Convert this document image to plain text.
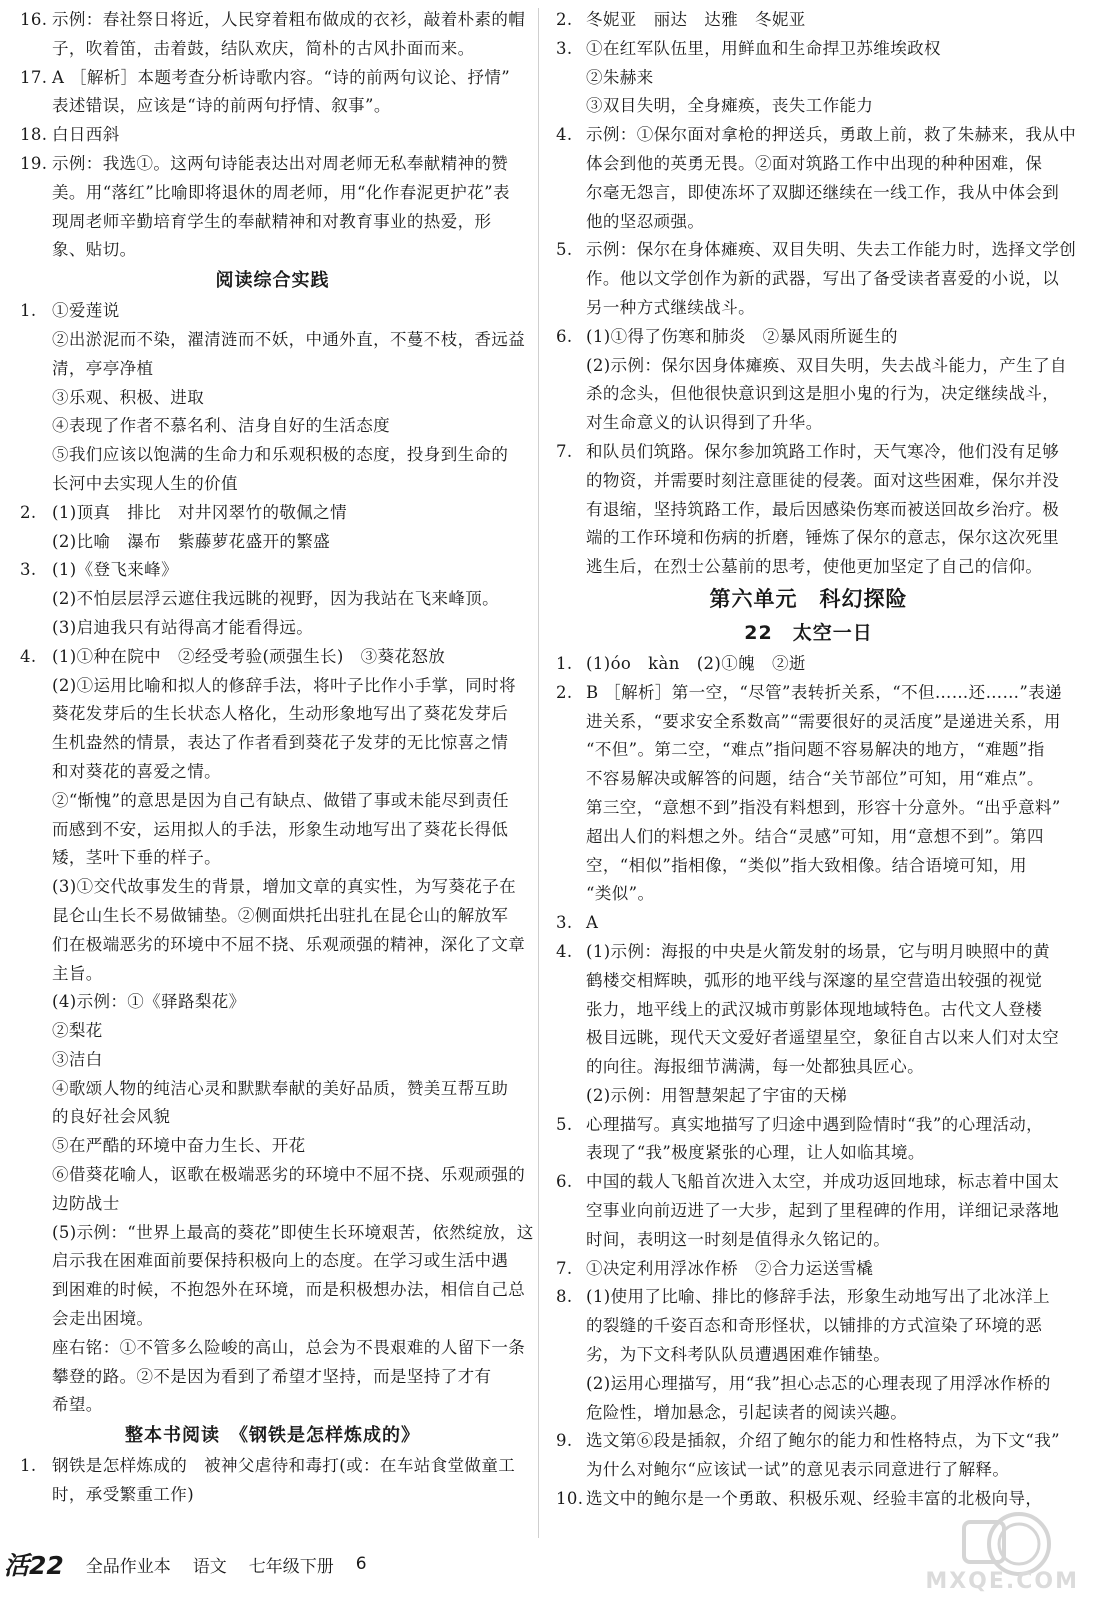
16. 示例：春社祭日将近，人民穿着粗布做成的衣衫，敲着朴素的帽
子，吹着笛，击着鼓，结队欢庆，简朴的古风扑面而来。
17. A ［解析］本题考查分析诗歌内容。“诗的前两句议论、抒情”
表述错误，应该是“诗的前两句抒情、叙事”。
18. 白日西斜
19. 示例：我选①。这两句诗能表达出对周老师无私奉献精神的赞
美。用“落红”比喻即将退休的周老师，用“化作春泥更护花”表
现周老师辛勤培育学生的奉献精神和对教育事业的热爱，形
象、贴切。
阅读综合实践
1. ①爱莲说
②出淤泥而不染，濯清涟而不妖，中通外直，不蔓不枝，香远益
清，亭亭净植
③乐观、积极、进取
④表现了作者不慕名利、洁身自好的生活态度
⑤我们应该以饱满的生命力和乐观积极的态度，投身到生命的
长河中去实现人生的价值
2. (1)顶真　排比　对井冈翠竹的敬佩之情
(2)比喻　瀑布　紫藤萝花盛开的繁盛
3. (1)《登飞来峰》
(2)不怕层层浮云遮住我远眺的视野，因为我站在飞来峰顶。
(3)启迪我只有站得高才能看得远。
4. (1)①种在院中　②经受考验(顽强生长)　③葵花怒放
(2)①运用比喻和拟人的修辞手法，将叶子比作小手掌，同时将
葵花发芽后的生长状态人格化，生动形象地写出了葵花发芽后
生机盎然的情景，表达了作者看到葵花子发芽的无比惊喜之情
和对葵花的喜爱之情。
②“惭愧”的意思是因为自己有缺点、做错了事或未能尽到责任
而感到不安，运用拟人的手法，形象生动地写出了葵花长得低
矮，茎叶下垂的样子。
(3)①交代故事发生的背景，增加文章的真实性，为写葵花子在
昆仑山生长不易做铺垫。②侧面烘托出驻扎在昆仑山的解放军
们在极端恶劣的环境中不屈不挠、乐观顽强的精神，深化了文章
主旨。
(4)示例：①《驿路梨花》
②梨花
③洁白
④歌颂人物的纯洁心灵和默默奉献的美好品质，赞美互帮互助
的良好社会风貌
⑤在严酷的环境中奋力生长、开花
⑥借葵花喻人，讴歌在极端恶劣的环境中不屈不挠、乐观顽强的
边防战士
(5)示例：“世界上最高的葵花”即使生长环境艰苦，依然绽放，这
启示我在困难面前要保持积极向上的态度。在学习或生活中遇
到困难的时候，不抱怨外在环境，而是积极想办法，相信自己总
会走出困境。
座右铭：①不管多么险峻的高山，总会为不畏艰难的人留下一条
攀登的路。②不是因为看到了希望才坚持，而是坚持了才有
希望。
整本书阅读　《钢铁是怎样炼成的》
1. 钢铁是怎样炼成的　被神父虐待和毒打(或：在车站食堂做童工
时，承受繁重工作)
2. 冬妮亚　丽达　达雅　冬妮亚
3. ①在红军队伍里，用鲜血和生命捍卫苏维埃政权
②朱赫来
③双目失明，全身瘫痪，丧失工作能力
4. 示例：①保尔面对拿枪的押送兵，勇敢上前，救了朱赫来，我从中
体会到他的英勇无畏。②面对筑路工作中出现的种种困难，保
尔毫无怨言，即使冻坏了双脚还继续在一线工作，我从中体会到
他的坚忍顽强。
5. 示例：保尔在身体瘫痪、双目失明、失去工作能力时，选择文学创
作。他以文学创作为新的武器，写出了备受读者喜爱的小说，以
另一种方式继续战斗。
6. (1)①得了伤寒和肺炎　②暴风雨所诞生的
(2)示例：保尔因身体瘫痪、双目失明，失去战斗能力，产生了自
杀的念头，但他很快意识到这是胆小鬼的行为，决定继续战斗，
对生命意义的认识得到了升华。
7. 和队员们筑路。保尔参加筑路工作时，天气寒冷，他们没有足够
的物资，并需要时刻注意匪徒的侵袭。面对这些困难，保尔并没
有退缩，坚持筑路工作，最后因感染伤寒而被送回故乡治疗。极
端的工作环境和伤病的折磨，锤炼了保尔的意志，保尔这次死里
逃生后，在烈士公墓前的思考，使他更加坚定了自己的信仰。
第六单元　科幻探险
22　太空一日
1. (1)óo　kàn　(2)①魄　②逝
2. B ［解析］第一空，“尽管”表转折关系，“不但……还……”表递
进关系，“要求安全系数高”“需要很好的灵活度”是递进关系，用
“不但”。第二空，“难点”指问题不容易解决的地方，“难题”指
不容易解决或解答的问题，结合“关节部位”可知，用“难点”。
第三空，“意想不到”指没有料想到，形容十分意外。“出乎意料”
超出人们的料想之外。结合“灵感”可知，用“意想不到”。第四
空，“相似”指相像，“类似”指大致相像。结合语境可知，用
“类似”。
3. A
4. (1)示例：海报的中央是火箭发射的场景，它与明月映照中的黄
鹤楼交相辉映，弧形的地平线与深邃的星空营造出较强的视觉
张力，地平线上的武汉城市剪影体现地域特色。古代文人登楼
极目远眺，现代天文爱好者遥望星空，象征自古以来人们对太空
的向往。海报细节满满，每一处都独具匠心。
(2)示例：用智慧架起了宇宙的天梯
5. 心理描写。真实地描写了归途中遇到险情时“我”的心理活动，
表现了“我”极度紧张的心理，让人如临其境。
6. 中国的载人飞船首次进入太空，并成功返回地球，标志着中国太
空事业向前迈进了一大步，起到了里程碑的作用，详细记录落地
时间，表明这一时刻是值得永久铭记的。
7. ①决定利用浮冰作桥　②合力运送雪橇
8. (1)使用了比喻、排比的修辞手法，形象生动地写出了北冰洋上
的裂缝的千姿百态和奇形怪状，以铺排的方式渲染了环境的恶
劣，为下文科考队队员遭遇困难作铺垫。
(2)运用心理描写，用“我”担心忐忑的心理表现了用浮冰作桥的
危险性，增加悬念，引起读者的阅读兴趣。
9. 选文第⑥段是插叙，介绍了鲍尔的能力和性格特点，为下文“我”
为什么对鲍尔“应该试一试”的意见表示同意进行了解释。
10. 选文中的鲍尔是一个勇敢、积极乐观、经验丰富的北极向导，
活22 全品作业本 语文 七年级下册 6
MXQE.COM
